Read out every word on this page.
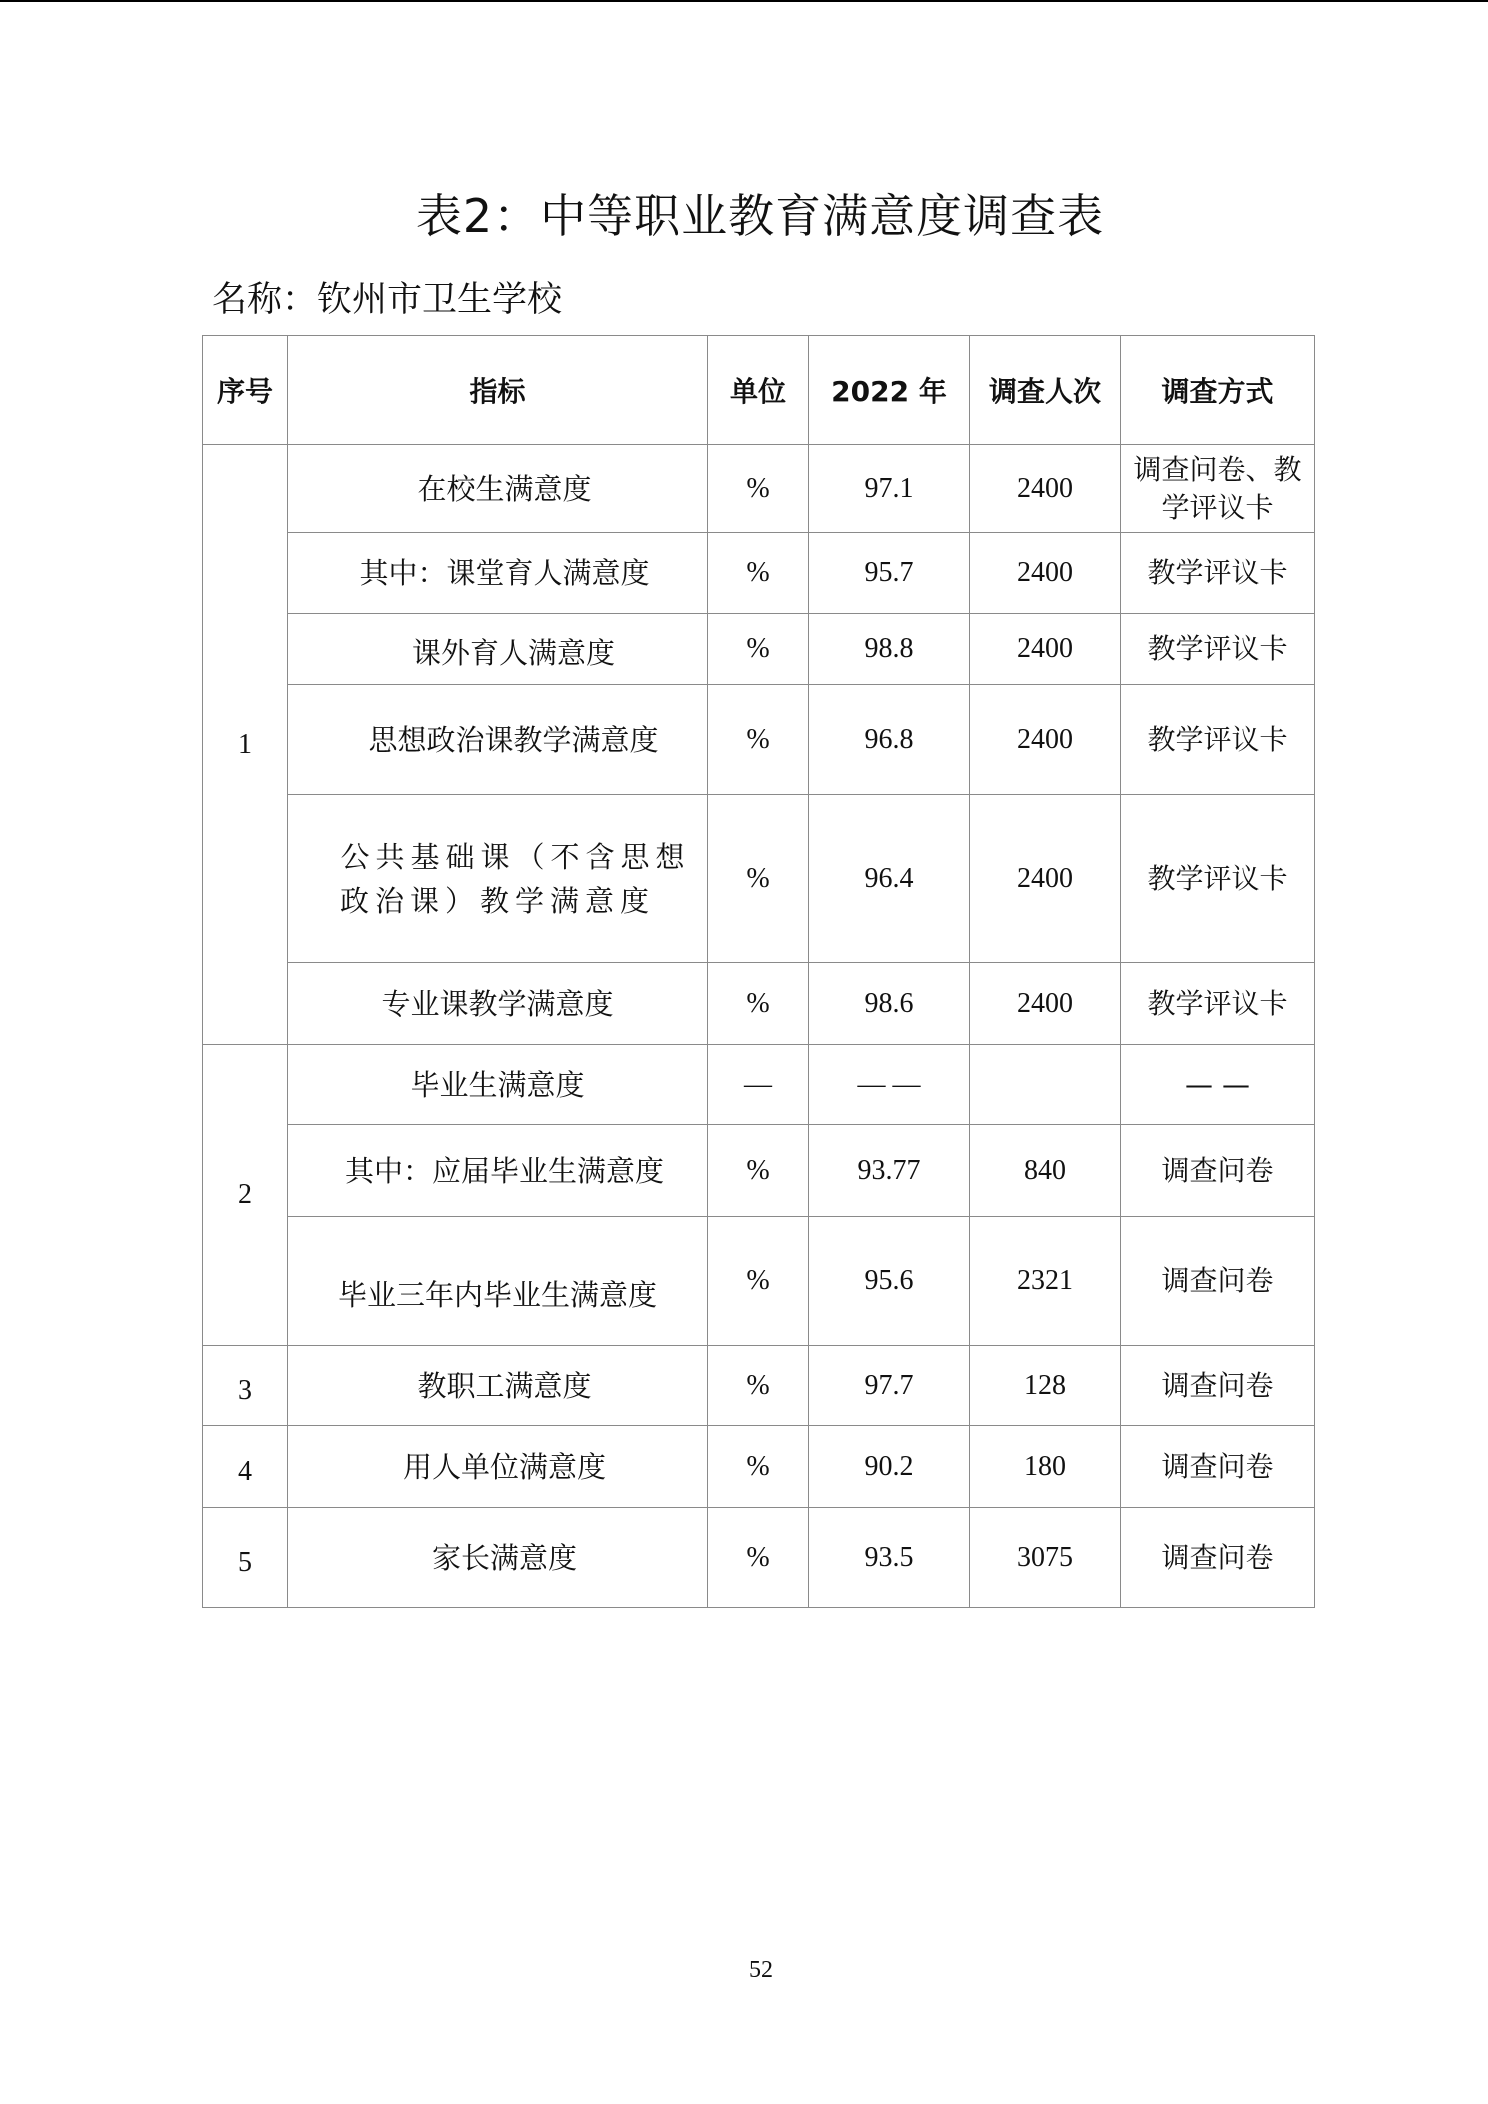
表2：中等职业教育满意度调查表
名称：钦州市卫生学校
序号	指标	单位	2022 年	调查人次	调查方式
1	在校生满意度	%	97.1	2400	调查问卷、教学评议卡
	其中：课堂育人满意度	%	95.7	2400	教学评议卡
	课外育人满意度	%	98.8	2400	教学评议卡
	思想政治课教学满意度	%	96.8	2400	教学评议卡
	公共基础课（不含思想政治课）教学满意度	%	96.4	2400	教学评议卡
	专业课教学满意度	%	98.6	2400	教学评议卡
2	毕业生满意度	—	— —		— —
	其中：应届毕业生满意度	%	93.77	840	调查问卷
	毕业三年内毕业生满意度	%	95.6	2321	调查问卷
3	教职工满意度	%	97.7	128	调查问卷
4	用人单位满意度	%	90.2	180	调查问卷
5	家长满意度	%	93.5	3075	调查问卷
52
